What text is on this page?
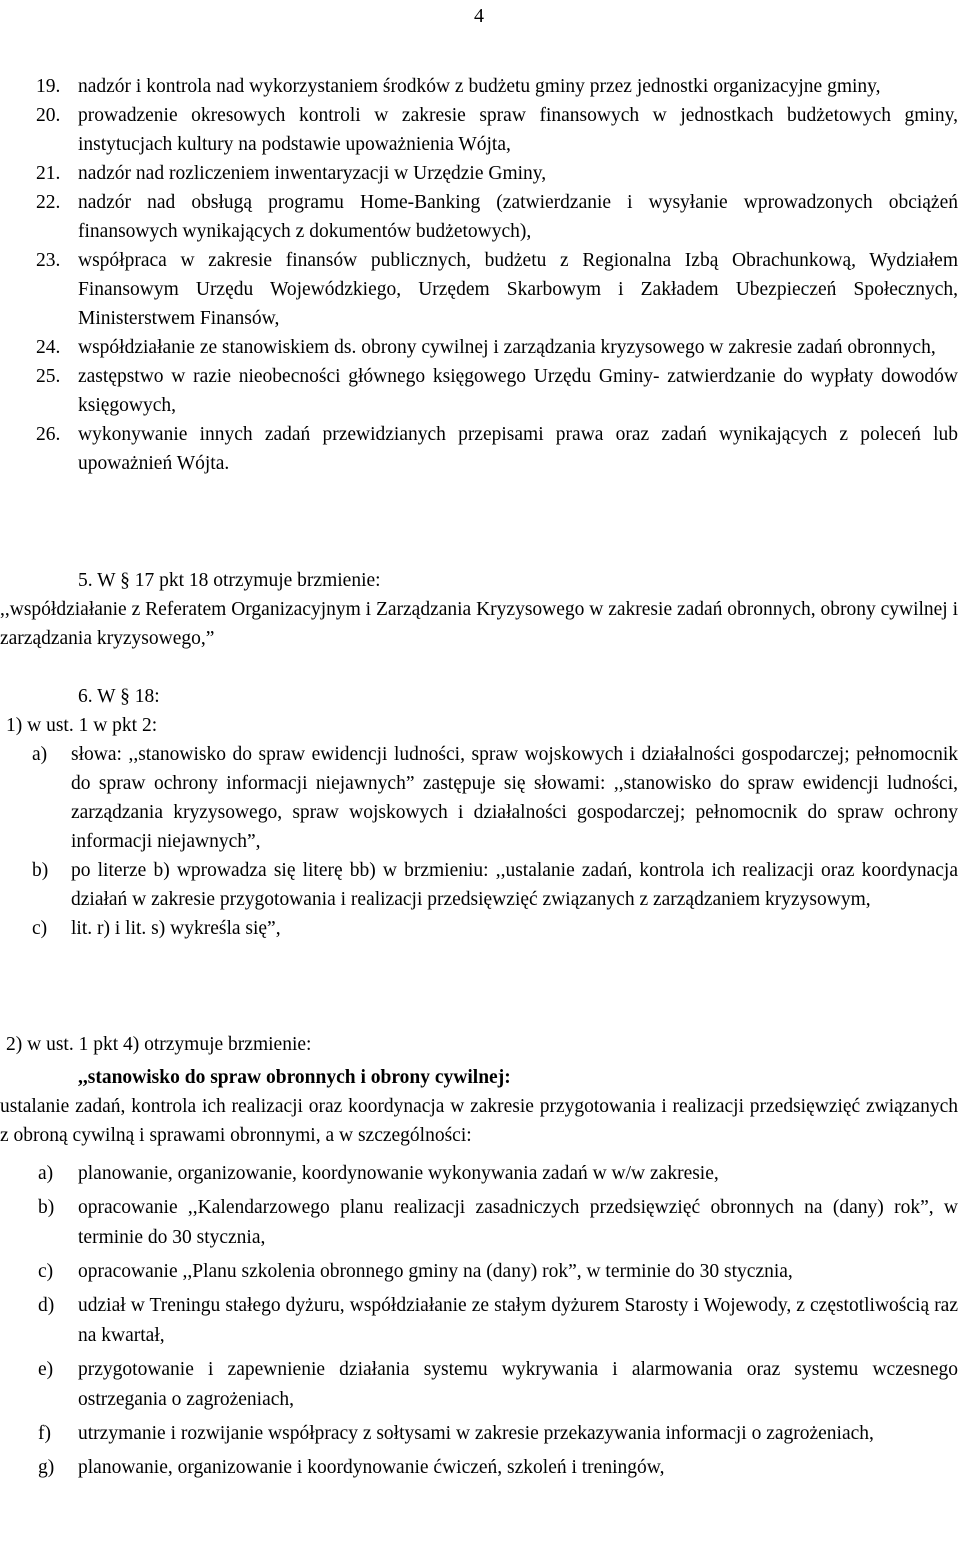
4
19. nadzór i kontrola nad wykorzystaniem środków z budżetu gminy przez jednostki organizacyjne gminy,
20. prowadzenie okresowych kontroli w zakresie spraw finansowych w jednostkach budżetowych gminy, instytucjach kultury na podstawie upoważnienia Wójta,
21. nadzór nad rozliczeniem inwentaryzacji w Urzędzie Gminy,
22. nadzór nad obsługą programu Home-Banking (zatwierdzanie i wysyłanie wprowadzonych obciążeń finansowych wynikających z dokumentów budżetowych),
23. współpraca w zakresie finansów publicznych, budżetu z Regionalna Izbą Obrachunkową, Wydziałem Finansowym Urzędu Wojewódzkiego, Urzędem Skarbowym i Zakładem Ubezpieczeń Społecznych, Ministerstwem Finansów,
24. współdziałanie ze stanowiskiem ds. obrony cywilnej i zarządzania kryzysowego w zakresie zadań obronnych,
25. zastępstwo w razie nieobecności głównego księgowego Urzędu Gminy- zatwierdzanie do wypłaty dowodów księgowych,
26. wykonywanie innych zadań przewidzianych przepisami prawa oraz zadań wynikających z poleceń lub upoważnień Wójta.
5. W § 17 pkt 18 otrzymuje brzmienie:
,,współdziałanie z Referatem Organizacyjnym i Zarządzania Kryzysowego w zakresie zadań obronnych, obrony cywilnej i zarządzania kryzysowego,”
6. W § 18:
1) w ust. 1 w pkt 2:
a)	słowa: ,,stanowisko do spraw ewidencji ludności, spraw wojskowych i działalności gospodarczej; pełnomocnik do spraw ochrony informacji niejawnych” zastępuje się słowami: ,,stanowisko do spraw ewidencji ludności, zarządzania kryzysowego, spraw wojskowych i działalności gospodarczej; pełnomocnik do spraw ochrony informacji niejawnych”,
b)	po literze b) wprowadza się literę bb) w brzmieniu: ,,ustalanie zadań, kontrola ich realizacji oraz koordynacja działań w zakresie przygotowania i realizacji przedsięwzięć związanych z zarządzaniem kryzysowym,
c)	lit. r) i lit. s) wykreśla się”,
2) w ust. 1 pkt 4) otrzymuje brzmienie:
,,stanowisko do spraw obronnych i obrony cywilnej:
ustalanie zadań, kontrola ich realizacji oraz koordynacja w zakresie przygotowania i realizacji przedsięwzięć związanych z obroną cywilną i sprawami obronnymi, a w szczególności:
a)	planowanie, organizowanie, koordynowanie wykonywania zadań w w/w zakresie,
b)	opracowanie ,,Kalendarzowego planu realizacji zasadniczych przedsięwzięć obronnych na (dany) rok”, w terminie do 30 stycznia,
c)	opracowanie ,,Planu szkolenia obronnego gminy na (dany) rok”, w terminie do 30 stycznia,
d)	udział w Treningu stałego dyżuru, współdziałanie ze stałym dyżurem Starosty i Wojewody, z częstotliwością raz na kwartał,
e)	przygotowanie i zapewnienie działania systemu wykrywania i alarmowania oraz systemu wczesnego ostrzegania o zagrożeniach,
f)	utrzymanie i rozwijanie współpracy z sołtysami w zakresie przekazywania informacji o zagrożeniach,
g)	planowanie, organizowanie i koordynowanie ćwiczeń, szkoleń i treningów,
